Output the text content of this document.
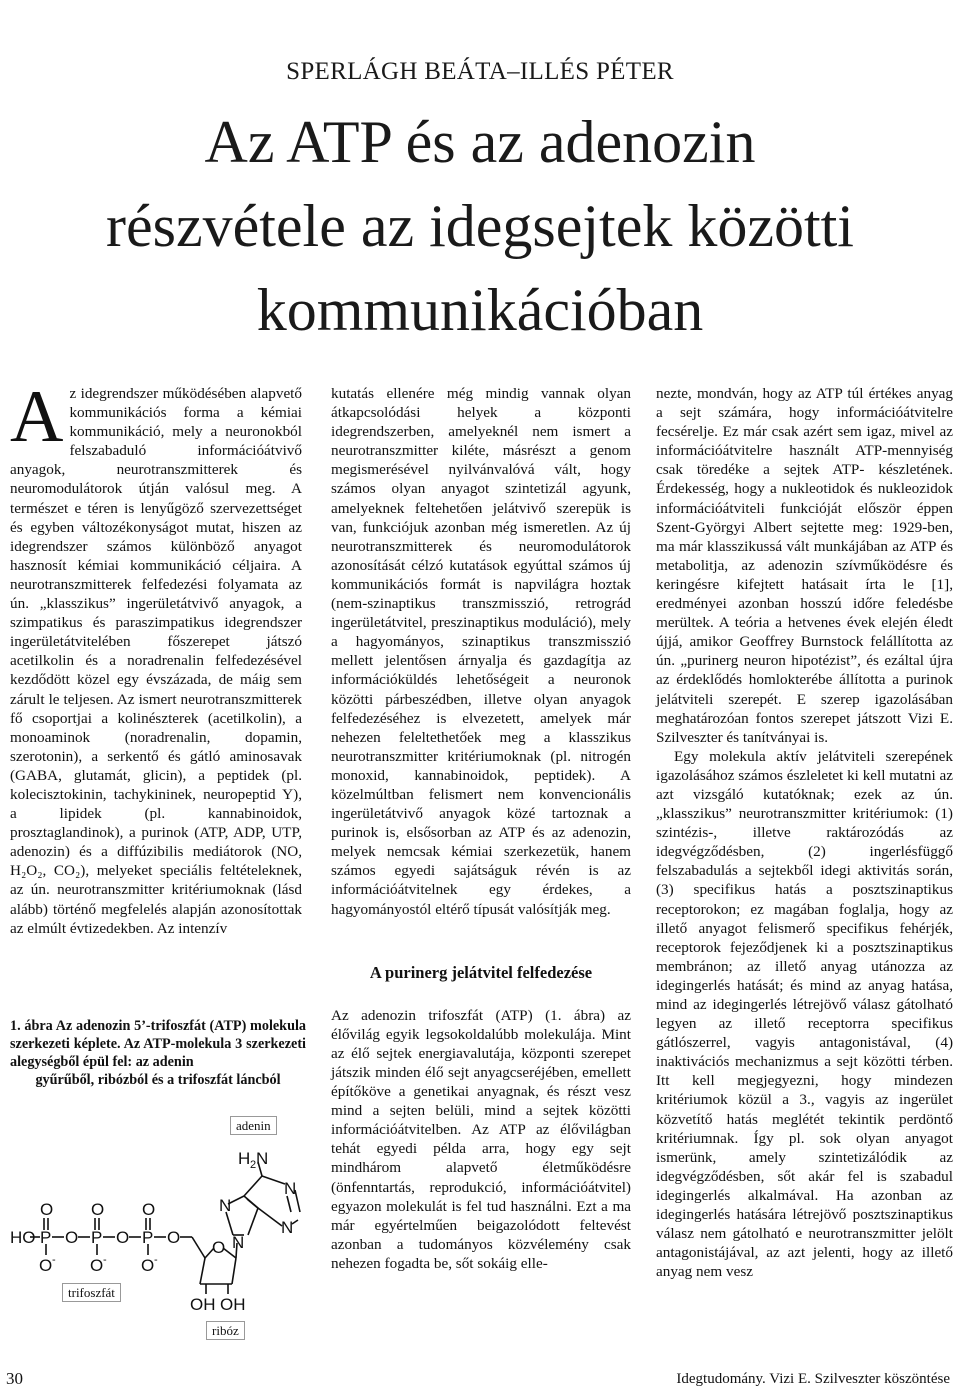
SPERLÁGH BEÁTA–ILLÉS PÉTER
Az ATP és az adenozin
részvétele az idegsejtek közötti
kommunikációban

Az idegrendszer működésében alapvető kommunikációs forma a kémiai kommunikáció, mely a neuronokból felszabaduló információátvivő anyagok, neurotranszmitterek és neuromodulátorok útján valósul meg. A természet e téren is lenyűgöző szervezettséget és egyben változékonyságot mutat, hiszen az idegrendszer számos különböző anyagot hasznosít kémiai kommunikáció céljaira. A neurotranszmitterek felfedezési folyamata az ún. „klasszikus” ingerületátvivő anyagok, a szimpatikus és paraszimpatikus idegrendszer ingerületátvitelében főszerepet játszó acetilkolin és a noradrenalin felfedezésével kezdődött közel egy évszázada, de máig sem zárult le teljesen. Az ismert neurotranszmitterek fő csoportjai a kolinészterek (acetilkolin), a monoaminok (noradrenalin, dopamin, szerotonin), a serkentő és gátló aminosavak (GABA, glutamát, glicin), a peptidek (pl. kolecisztokinin, tachykininek, neuropeptid Y), a lipidek (pl. kannabinoidok, prosztaglandinok), a purinok (ATP, ADP, UTP, adenozin) és a diffúzibilis mediátorok (NO, H₂O₂, CO₂), melyeket speciális feltételeknek, az ún. neurotranszmitter kritériumoknak (lásd alább) történő megfelelés alapján azonosítottak az elmúlt évtizedekben. Az intenzív

1. ábra Az adenozin 5’-trifoszfát (ATP) molekula szerkezeti képlete. Az ATP-molekula 3 szerkezeti alegységből épül fel: az adenin
gyűrűből, ribózból és a trifoszfát láncból
HO P
O
O -
O P
O
O -
O P
O
O -
O
O
OH OH
N
N
N
N
H 2 N
adenin
trifoszfát
ribóz

kutatás ellenére még mindig vannak olyan átkapcsolódási helyek a központi idegrendszerben, amelyeknél nem ismert a neurotranszmitter kiléte, másrészt a genom megismerésével nyilvánvalóvá vált, hogy számos olyan anyagot szintetizál agyunk, amelyeknek feltehetően jelátvivő szerepük is van, funkciójuk azonban még ismeretlen. Az új neurotranszmitterek és neuromodulátorok azonosítását célzó kutatások egyúttal számos új kommunikációs formát is napvilágra hoztak (nem-szinaptikus transzmisszió, retrográd ingerületátvitel, preszinaptikus moduláció), mely a hagyományos, szinaptikus transzmisszió mellett jelentősen árnyalja és gazdagítja az információküldés lehetőségeit a neuronok közötti párbeszédben, illetve olyan anyagok felfedezéséhez is elvezetett, amelyek már nehezen feleltethetőek meg a klasszikus neurotranszmitter kritériumoknak (pl. nitrogén monoxid, kannabinoidok, peptidek). A közelmúltban felismert nem konvencionális ingerületátvivő anyagok közé tartoznak a purinok is, elsősorban az ATP és az adenozin, melyek nemcsak kémiai szerkezetük, hanem számos egyedi sajátságuk révén is az információátvitelnek egy érdekes, a hagyományostól eltérő típusát valósítják meg.

A purinerg jelátvitel felfedezése

Az adenozin trifoszfát (ATP) (1. ábra) az élővilág egyik legsokoldalúbb molekulája. Mint az élő sejtek energiavalutája, központi szerepet játszik minden élő sejt anyagcseréjében, emellett építőköve a genetikai anyagnak, és részt vesz mind a sejten belüli, mind a sejtek közötti információátvitelben. Az ATP az élővilágban tehát egyedi példa arra, hogy egy sejt mindhárom alapvető életműködésre (önfenntartás, reprodukció, információátvitel) egyazon molekulát is fel tud használni. Ezt a ma már egyértelműen beigazolódott feltevést azonban a tudományos közvélemény csak nehezen fogadta be, sőt sokáig elle-

nezte, mondván, hogy az ATP túl értékes anyag a sejt számára, hogy információátvitelre fecsérelje. Ez már csak azért sem igaz, mivel az információátvitelre használt ATP-mennyiség csak töredéke a sejtek ATP- készletének. Érdekesség, hogy a nukleotidok és nukleozidok információátviteli funkcióját először éppen Szent-Györgyi Albert sejtette meg: 1929-ben, ma már klasszikussá vált munkájában az ATP és metabolitja, az adenozin szívműködésre és keringésre kifejtett hatásait írta le [1], eredményei azonban hosszú időre feledésbe merültek. A teória a hetvenes évek elején éledt újjá, amikor Geoffrey Burnstock felállította az ún. „purinerg neuron hipotézist”, és ezáltal újra az érdeklődés homlokterébe állította a purinok jelátviteli szerepét. E szerep igazolásában meghatározóan fontos szerepet játszott Vizi E. Szilveszter és tanítványai is.

Egy molekula aktív jelátviteli szerepének igazolásához számos észleletet ki kell mutatni az azt vizsgáló kutatóknak; ezek az ún. „klasszikus” neurotranszmitter kritériumok: (1) szintézis-, illetve raktározódás az idegvégződésben, (2) ingerlésfüggő felszabadulás a sejtekből idegi aktivitás során, (3) specifikus hatás a posztszinaptikus receptorokon; ez magában foglalja, hogy az illető anyagot felismerő specifikus fehérjék, receptorok fejeződjenek ki a posztszinaptikus membránon; az illető anyag utánozza az idegingerlés hatását; és mind az anyag hatása, mind az idegingerlés létrejövő válasz gátolható legyen az illető receptorra specifikus gátlószerrel, vagyis antagonistával, (4) inaktivációs mechanizmus a sejt közötti térben. Itt kell megjegyezni, hogy mindezen kritériumok közül a 3., vagyis az ingerület közvetítő hatás meglétét tekintik perdöntő kritériumnak. Így pl. sok olyan anyagot ismerünk, amely szintetizálódik az idegvégződésben, sőt akár fel is szabadul idegingerlés alkalmával. Ha azonban az idegingerlés hatására létrejövő posztszinaptikus válasz nem gátolható e neurotranszmitter jelölt antagonistájával, az azt jelenti, hogy az illető anyag nem vesz

30	Idegtudomány. Vizi E. Szilveszter köszöntése
